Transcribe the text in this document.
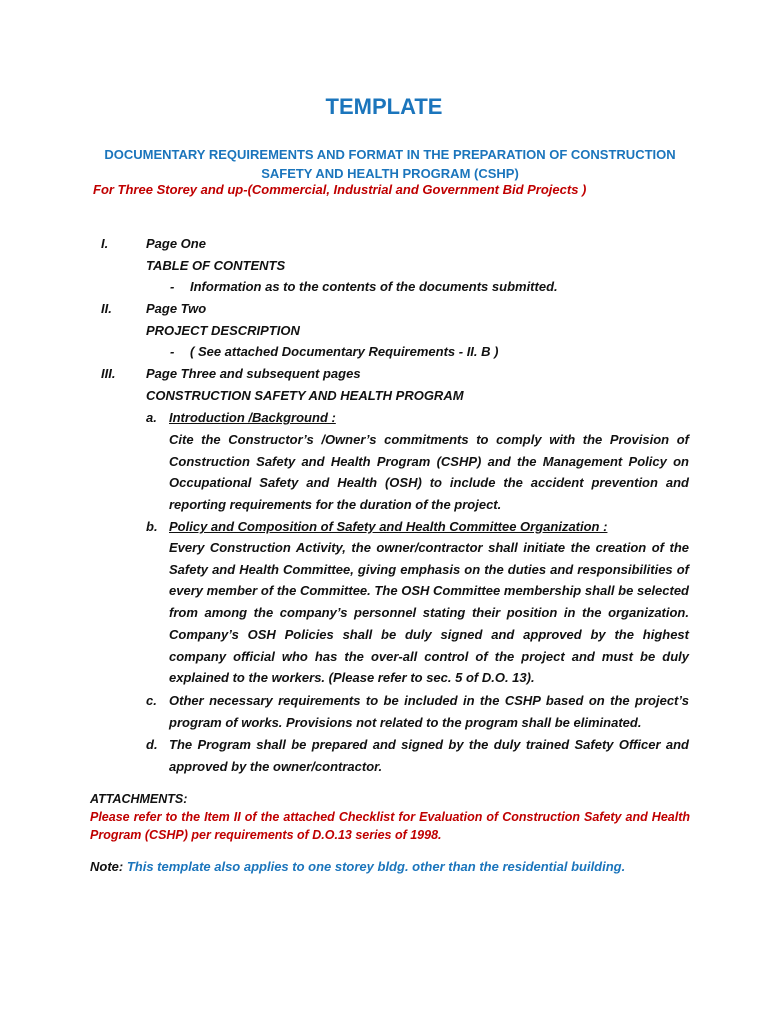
TEMPLATE
DOCUMENTARY REQUIREMENTS AND FORMAT IN THE PREPARATION OF CONSTRUCTION SAFETY AND HEALTH PROGRAM (CSHP)
For Three Storey and up-(Commercial, Industrial and Government Bid Projects )
I.	Page One
TABLE OF CONTENTS
- Information as to the contents of the documents submitted.
II.	Page Two
PROJECT DESCRIPTION
- ( See attached Documentary Requirements - II. B )
III.	Page Three and subsequent pages
CONSTRUCTION SAFETY AND HEALTH PROGRAM
a. Introduction /Background :
Cite the Constructor’s /Owner’s commitments to comply with the Provision of Construction Safety and Health Program (CSHP) and the Management Policy on Occupational Safety and Health (OSH) to include the accident prevention and reporting requirements for the duration of the project.
b. Policy and Composition of Safety and Health Committee Organization :
Every Construction Activity, the owner/contractor shall initiate the creation of the Safety and Health Committee, giving emphasis on the duties and responsibilities of every member of the Committee. The OSH Committee membership shall be selected from among the company’s personnel stating their position in the organization. Company’s OSH Policies shall be duly signed and approved by the highest company official who has the over-all control of the project and must be duly explained to the workers. (Please refer to sec. 5 of D.O. 13).
c. Other necessary requirements to be included in the CSHP based on the project’s program of works. Provisions not related to the program shall be eliminated.
d. The Program shall be prepared and signed by the duly trained Safety Officer and approved by the owner/contractor.
ATTACHMENTS:
Please refer to the Item II of the attached Checklist for Evaluation of Construction Safety and Health Program (CSHP) per requirements of D.O.13 series of 1998.
Note: This template also applies to one storey bldg. other than the residential building.
